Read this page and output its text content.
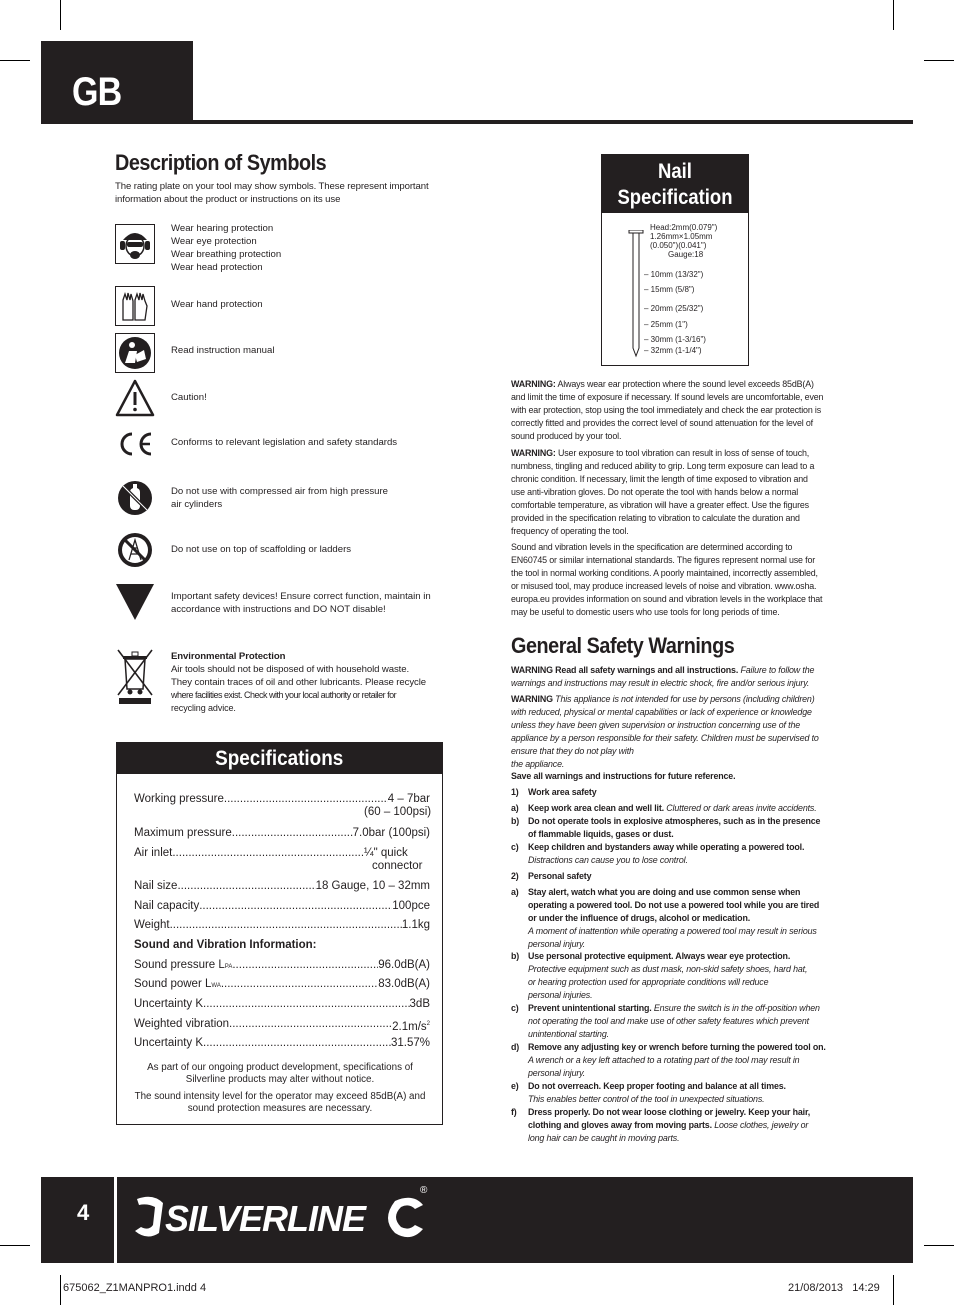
GB
Description of Symbols
The rating plate on your tool may show symbols. These represent important
information about the product or instructions on its use
Wear hearing protection
Wear eye protection
Wear breathing protection
Wear head protection
Wear hand protection
Read instruction manual
Caution!
Conforms to relevant legislation and safety standards
Do not use with compressed air from high pressure
air cylinders
Do not use on top of scaffolding or ladders
Important safety devices! Ensure correct function, maintain in
accordance with instructions and DO NOT disable!
Environmental Protection
Air tools should not be disposed of with household waste.
They contain traces of oil and other lubricants. Please recycle
where facilities exist. Check with your local authority or retailer for
recycling advice.
Specifications
Working pressure .....	4 – 7bar
(60 – 100psi)
Maximum pressure .....	7.0bar (100psi)
Air inlet .....	¼" quick
connector
Nail size .....	18 Gauge, 10 – 32mm
Nail capacity .....	100pce
Weight .....	1.1kg
Sound and Vibration Information:
Sound pressure LPA .....	96.0dB(A)
Sound power LWA .....	83.0dB(A)
Uncertainty K .....	3dB
Weighted vibration .....	$2.1m/s^2$
Uncertainty K .....	31.57%
As part of our ongoing product development, specifications of
Silverline products may alter without notice.
The sound intensity level for the operator may exceed 85dB(A) and
sound protection measures are necessary.
Nail
Specification
Head:2mm(0.079")
1.26mm×1.05mm
(0.050")(0.041")
Gauge:18
– 10mm (13/32")
– 15mm (5/8")
– 20mm (25/32")
– 25mm (1")
– 30mm (1-3/16")
– 32mm (1-1/4")
WARNING: Always wear ear protection where the sound level exceeds 85dB(A)
and limit the time of exposure if necessary. If sound levels are uncomfortable, even
with ear protection, stop using the tool immediately and check the ear protection is
correctly fitted and provides the correct level of sound attenuation for the level of
sound produced by your tool.
WARNING: User exposure to tool vibration can result in loss of sense of touch,
numbness, tingling and reduced ability to grip. Long term exposure can lead to a
chronic condition. If necessary, limit the length of time exposed to vibration and
use anti-vibration gloves. Do not operate the tool with hands below a normal
comfortable temperature, as vibration will have a greater effect. Use the figures
provided in the specification relating to vibration to calculate the duration and
frequency of operating the tool.
Sound and vibration levels in the specification are determined according to
EN60745 or similar international standards. The figures represent normal use for
the tool in normal working conditions. A poorly maintained, incorrectly assembled,
or misused tool, may produce increased levels of noise and vibration. www.osha.
europa.eu provides information on sound and vibration levels in the workplace that
may be useful to domestic users who use tools for long periods of time.
General Safety Warnings
WARNING Read all safety warnings and all instructions. Failure to follow the
warnings and instructions may result in electric shock, fire and/or serious injury.
WARNING This appliance is not intended for use by persons (including children)
with reduced, physical or mental capabilities or lack of experience or knowledge
unless they have been given supervision or instruction concerning use of the
appliance by a person responsible for their safety. Children must be supervised to
ensure that they do not play with
the appliance.
Save all warnings and instructions for future reference.
1) Work area safety
a) Keep work area clean and well lit. Cluttered or dark areas invite accidents.
b) Do not operate tools in explosive atmospheres, such as in the presence
of flammable liquids, gases or dust.
c) Keep children and bystanders away while operating a powered tool.
Distractions can cause you to lose control.
2) Personal safety
a) Stay alert, watch what you are doing and use common sense when
operating a powered tool. Do not use a powered tool while you are tired
or under the influence of drugs, alcohol or medication.
A moment of inattention while operating a powered tool may result in serious
personal injury.
b) Use personal protective equipment. Always wear eye protection.
Protective equipment such as dust mask, non-skid safety shoes, hard hat,
or hearing protection used for appropriate conditions will reduce
personal injuries.
c) Prevent unintentional starting. Ensure the switch is in the off-position when
not operating the tool and make use of other safety features which prevent
unintentional starting.
d) Remove any adjusting key or wrench before turning the powered tool on.
A wrench or a key left attached to a rotating part of the tool may result in
personal injury.
e) Do not overreach. Keep proper footing and balance at all times.
This enables better control of the tool in unexpected situations.
f) Dress properly. Do not wear loose clothing or jewelry. Keep your hair,
clothing and gloves away from moving parts. Loose clothes, jewelry or
long hair can be caught in moving parts.
4 SILVERLINE
®
675062_Z1MANPRO1.indd 4	21/08/2013   14:29
